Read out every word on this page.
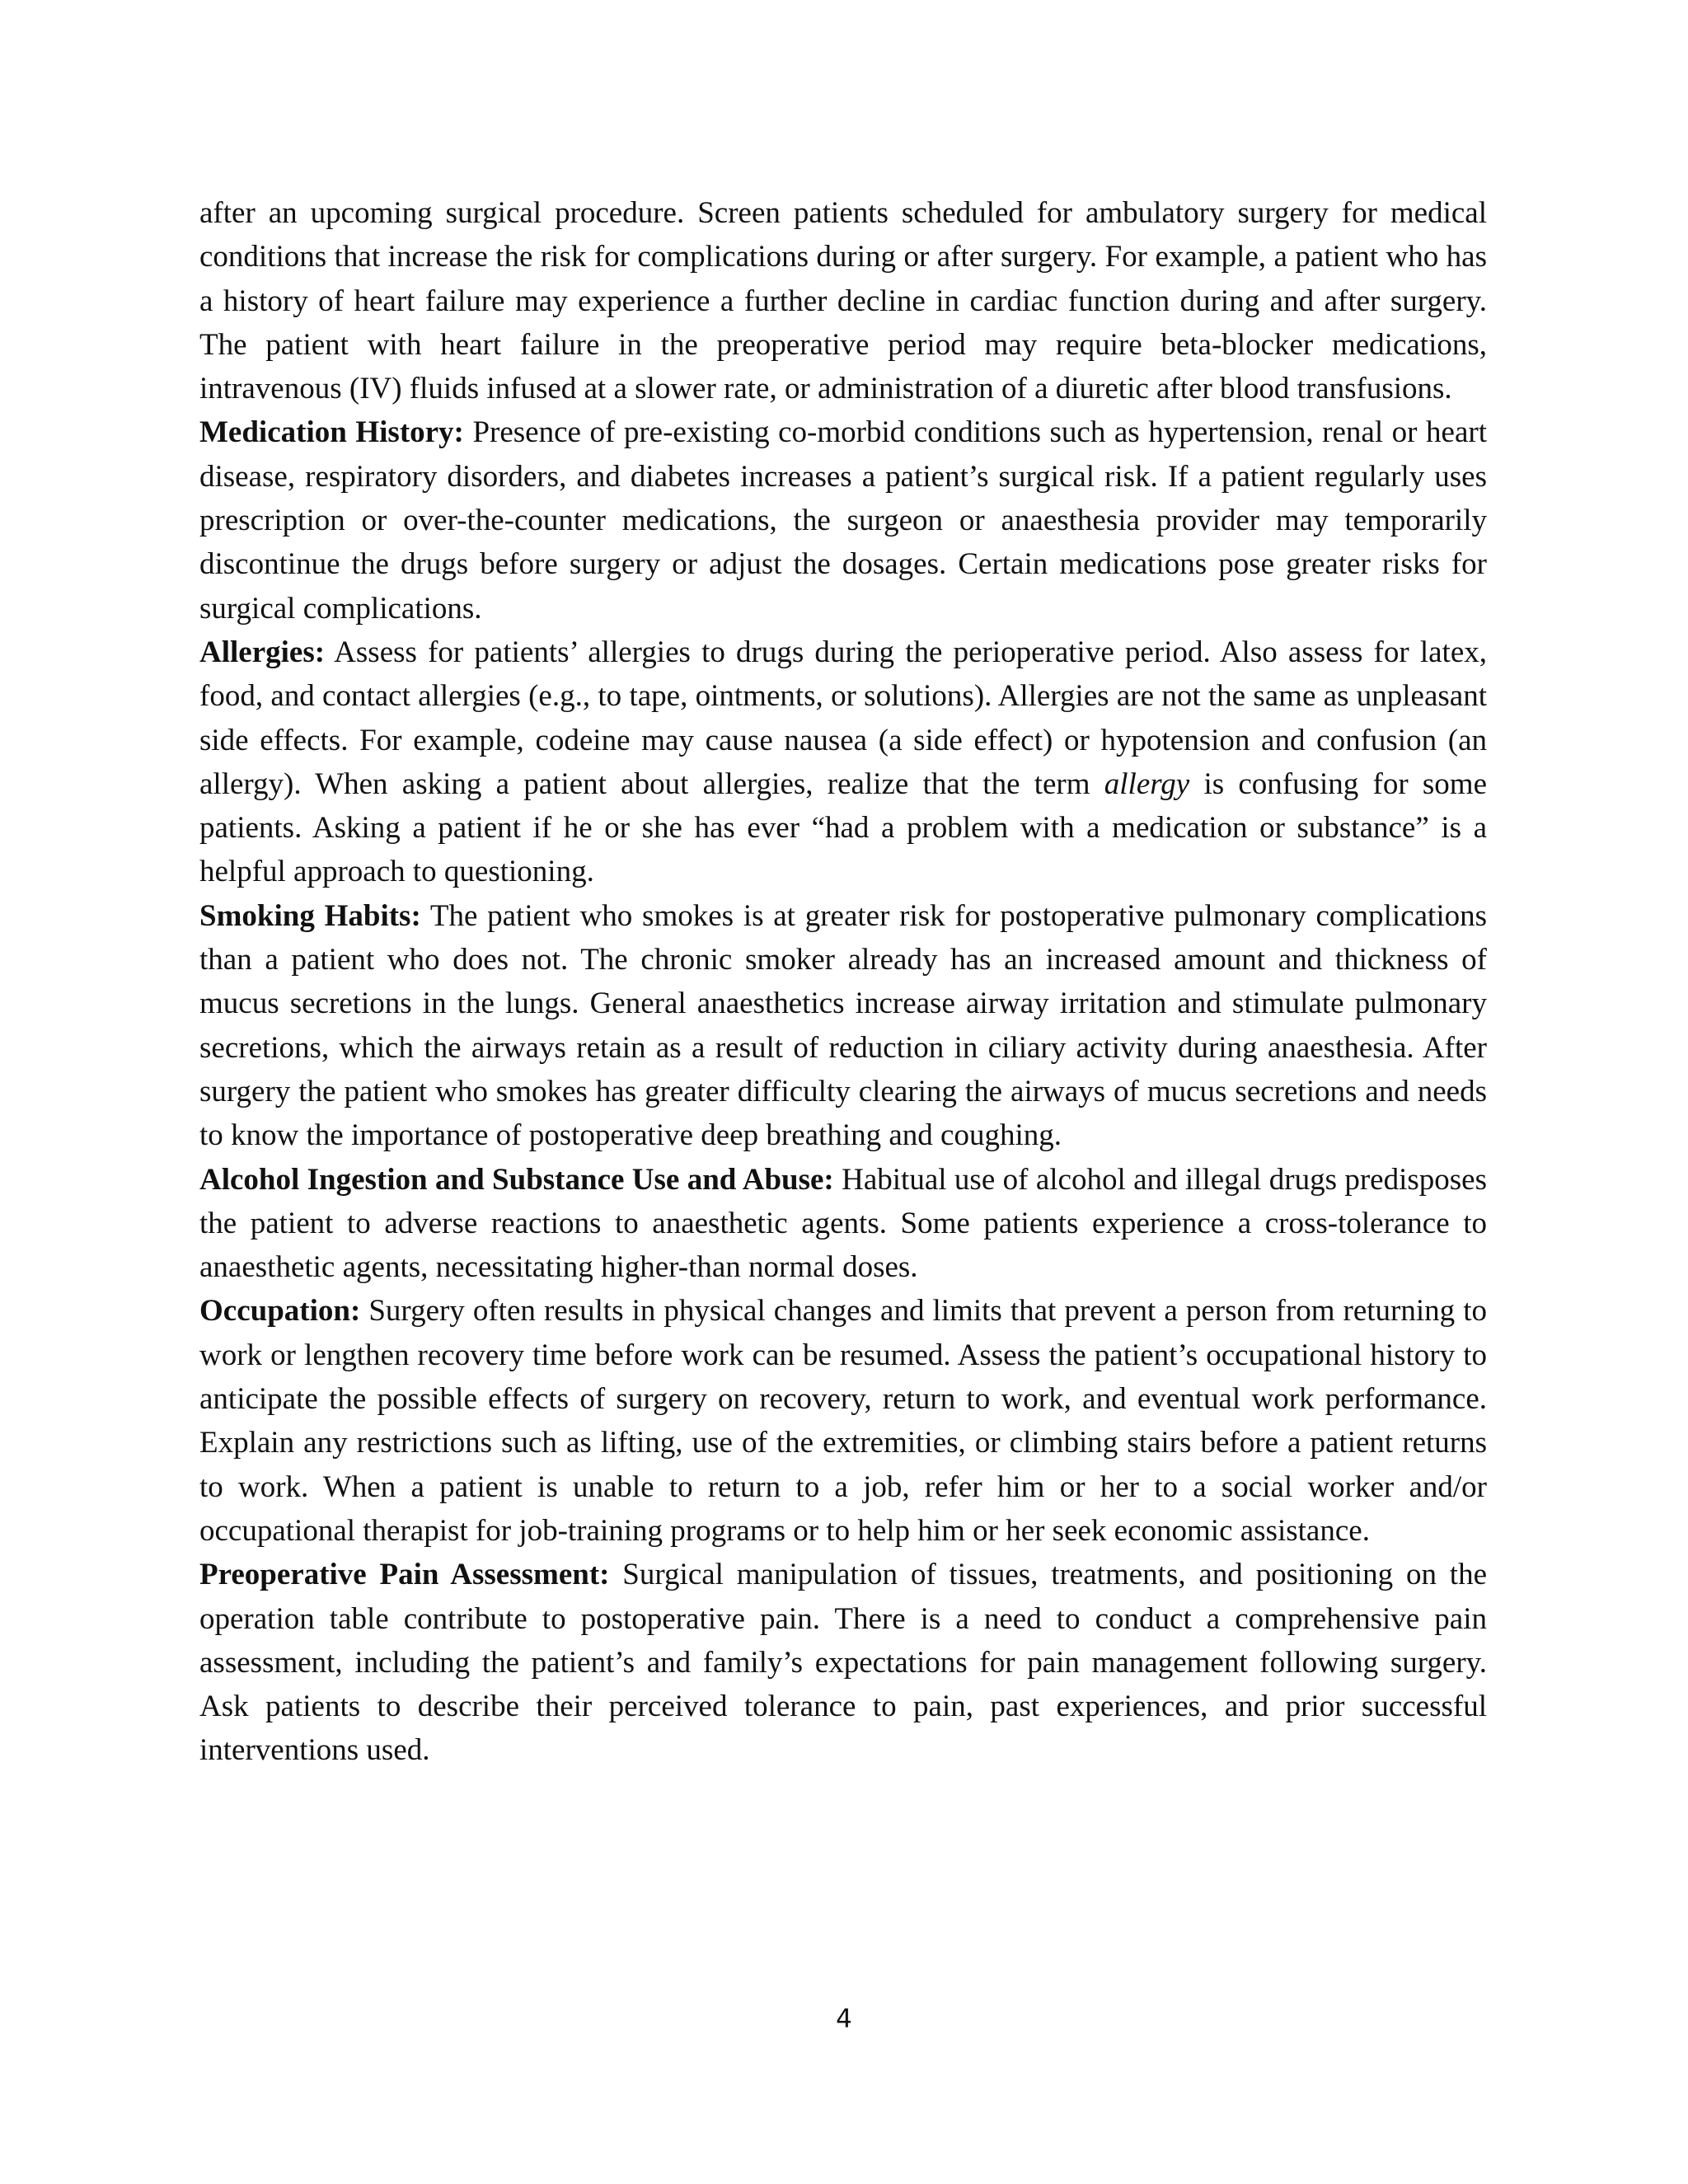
after an upcoming surgical procedure. Screen patients scheduled for ambulatory surgery for medical conditions that increase the risk for complications during or after surgery. For example, a patient who has a history of heart failure may experience a further decline in cardiac function during and after surgery. The patient with heart failure in the preoperative period may require beta-blocker medications, intravenous (IV) fluids infused at a slower rate, or administration of a diuretic after blood transfusions.

Medication History: Presence of pre-existing co-morbid conditions such as hypertension, renal or heart disease, respiratory disorders, and diabetes increases a patient’s surgical risk. If a patient regularly uses prescription or over-the-counter medications, the surgeon or anaesthesia provider may temporarily discontinue the drugs before surgery or adjust the dosages. Certain medications pose greater risks for surgical complications.

Allergies: Assess for patients’ allergies to drugs during the perioperative period. Also assess for latex, food, and contact allergies (e.g., to tape, ointments, or solutions). Allergies are not the same as unpleasant side effects. For example, codeine may cause nausea (a side effect) or hypotension and confusion (an allergy). When asking a patient about allergies, realize that the term allergy is confusing for some patients. Asking a patient if he or she has ever “had a problem with a medication or substance” is a helpful approach to questioning.

Smoking Habits: The patient who smokes is at greater risk for postoperative pulmonary complications than a patient who does not. The chronic smoker already has an increased amount and thickness of mucus secretions in the lungs. General anaesthetics increase airway irritation and stimulate pulmonary secretions, which the airways retain as a result of reduction in ciliary activity during anaesthesia. After surgery the patient who smokes has greater difficulty clearing the airways of mucus secretions and needs to know the importance of postoperative deep breathing and coughing.

Alcohol Ingestion and Substance Use and Abuse: Habitual use of alcohol and illegal drugs predisposes the patient to adverse reactions to anaesthetic agents. Some patients experience a cross-tolerance to anaesthetic agents, necessitating higher-than normal doses.

Occupation: Surgery often results in physical changes and limits that prevent a person from returning to work or lengthen recovery time before work can be resumed. Assess the patient’s occupational history to anticipate the possible effects of surgery on recovery, return to work, and eventual work performance. Explain any restrictions such as lifting, use of the extremities, or climbing stairs before a patient returns to work. When a patient is unable to return to a job, refer him or her to a social worker and/or occupational therapist for job-training programs or to help him or her seek economic assistance.

Preoperative Pain Assessment: Surgical manipulation of tissues, treatments, and positioning on the operation table contribute to postoperative pain. There is a need to conduct a comprehensive pain assessment, including the patient’s and family’s expectations for pain management following surgery. Ask patients to describe their perceived tolerance to pain, past experiences, and prior successful interventions used.

4
